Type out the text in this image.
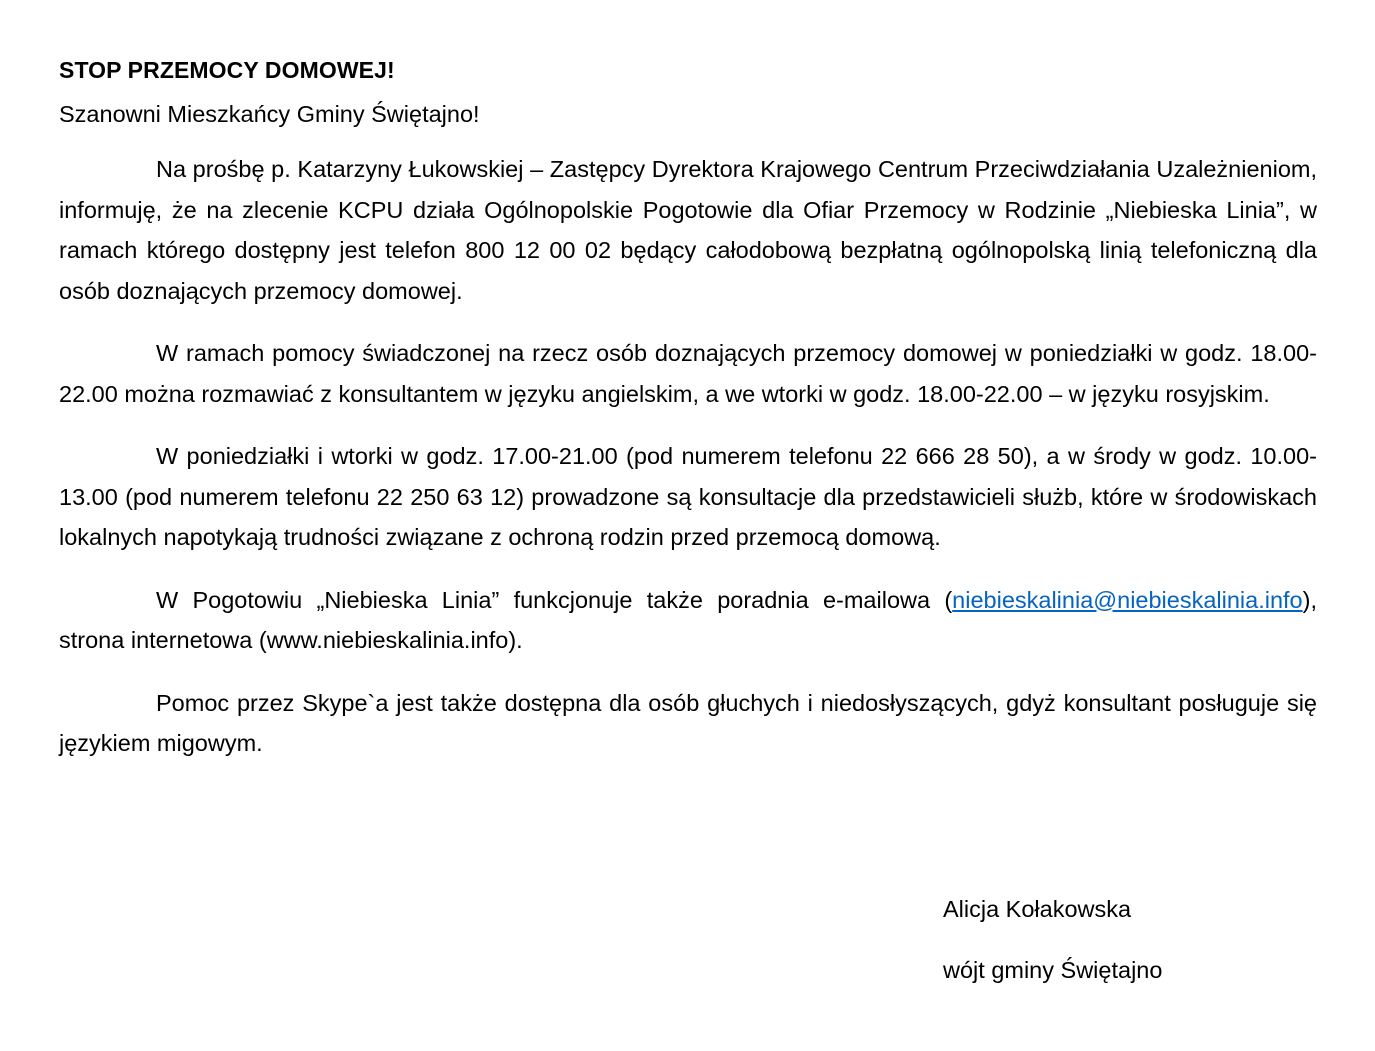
STOP PRZEMOCY DOMOWEJ!
Szanowni Mieszkańcy Gminy Świętajno!

Na prośbę p. Katarzyny Łukowskiej – Zastępcy Dyrektora Krajowego Centrum Przeciwdziałania Uzależnieniom, informuję, że na zlecenie KCPU działa Ogólnopolskie Pogotowie dla Ofiar Przemocy w Rodzinie „Niebieska Linia”, w ramach którego dostępny jest telefon 800 12 00 02 będący całodobową bezpłatną ogólnopolską linią telefoniczną dla osób doznających przemocy domowej.

W ramach pomocy świadczonej na rzecz osób doznających przemocy domowej w poniedziałki w godz. 18.00-22.00 można rozmawiać z konsultantem w języku angielskim, a we wtorki w godz. 18.00-22.00 – w języku rosyjskim.

W poniedziałki i wtorki w godz. 17.00-21.00 (pod numerem telefonu 22 666 28 50), a w środy w godz. 10.00-13.00 (pod numerem telefonu 22 250 63 12) prowadzone są konsultacje dla przedstawicieli służb, które w środowiskach lokalnych napotykają trudności związane z ochroną rodzin przed przemocą domową.

W Pogotowiu „Niebieska Linia” funkcjonuje także poradnia e-mailowa (niebieskalinia@niebieskalinia.info), strona internetowa (www.niebieskalinia.info).

Pomoc przez Skype`a jest także dostępna dla osób głuchych i niedosłyszących, gdyż konsultant posługuje się językiem migowym.

Alicja Kołakowska
wójt gminy Świętajno
